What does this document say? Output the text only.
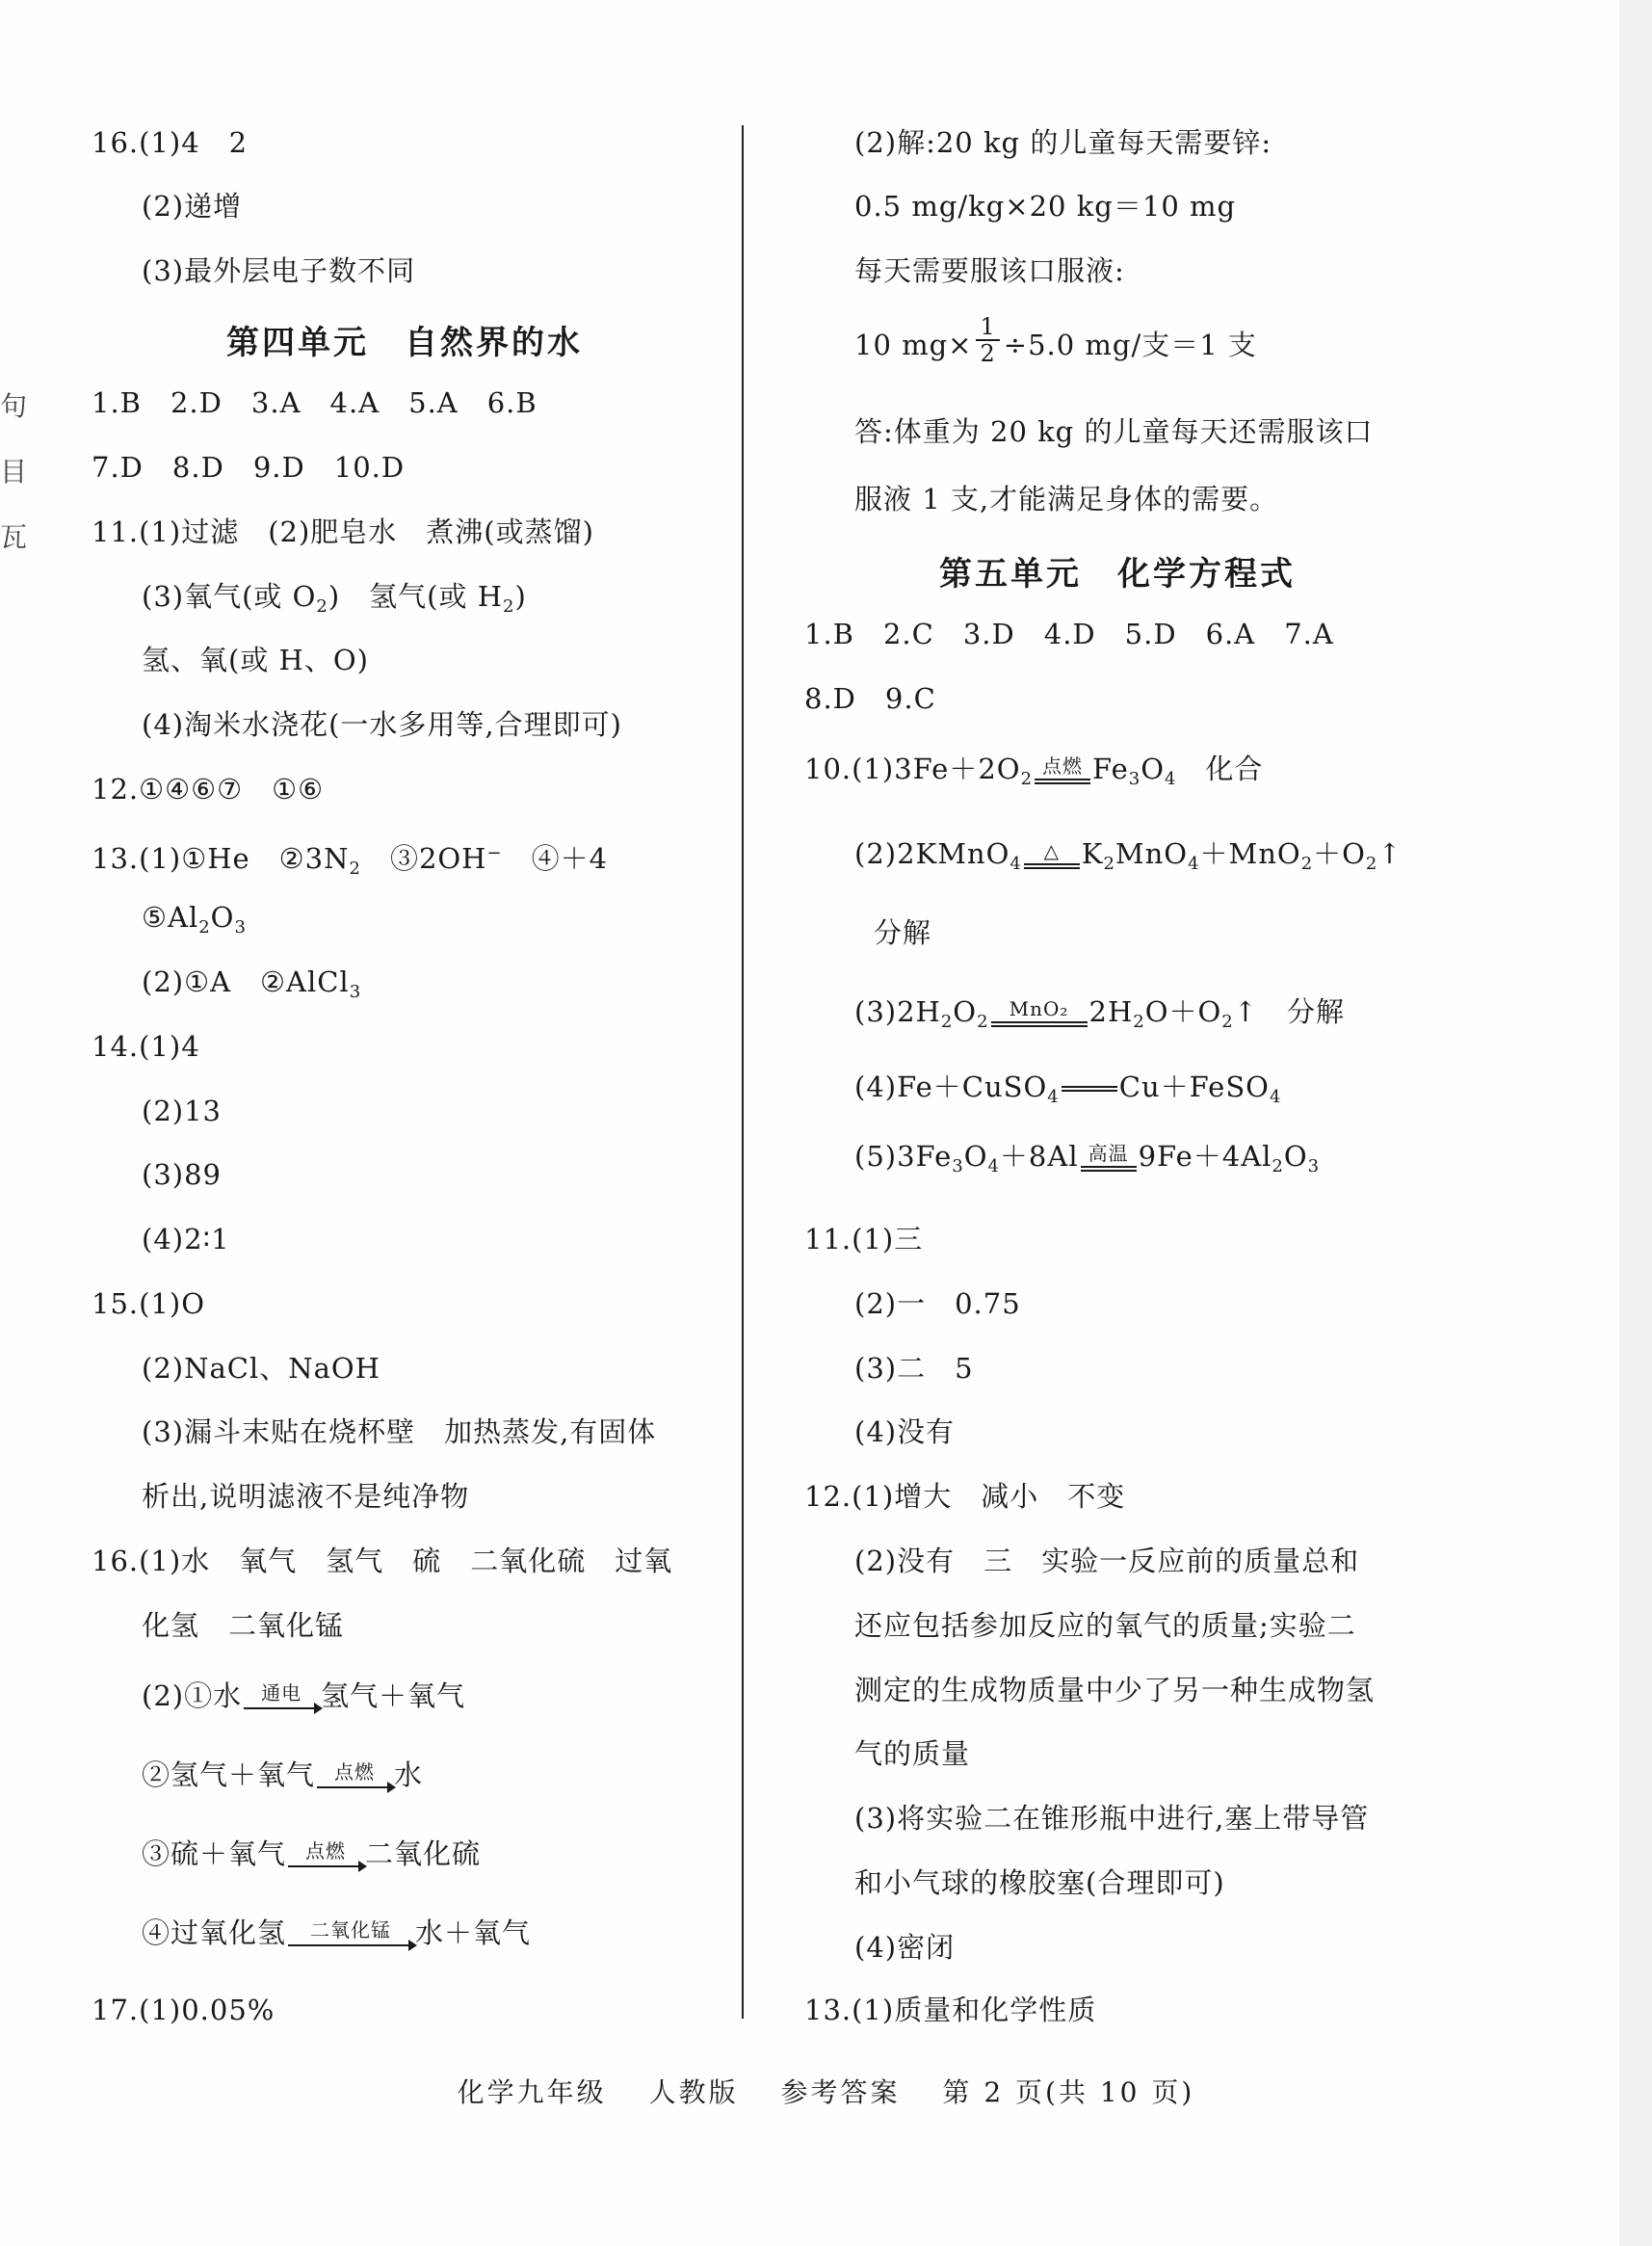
句
目
瓦
16.(1)4　2
(2)递增
(3)最外层电子数不同
第四单元　自然界的水
1.B　2.D　3.A　4.A　5.A　6.B
7.D　8.D　9.D　10.D
11.(1)过滤　(2)肥皂水　煮沸(或蒸馏)
(3)氧气(或 $O_2$)　氢气(或 $H_2$)
氢、氧(或 H、O)
(4)淘米水浇花(一水多用等,合理即可)
12.①④⑥⑦　①⑥
13.(1)①He　$②3N_2$　③2OH−　④＋4
$⑤Al_2O_3$
(2)①A　②AlCl$_3$
14.(1)4
(2)13
(3)89
(4)2∶1
15.(1)O
(2)NaCl、NaOH
(3)漏斗末贴在烧杯壁　加热蒸发,有固体
析出,说明滤液不是纯净物
16.(1)水　氧气　氢气　硫　二氧化硫　过氧
化氢　二氧化锰
(2)①水	通电 氢气＋氧气
②氢气＋氧气	点燃 水
③硫＋氧气	点燃 二氧化硫
④过氧化氢	二氧化锰 水＋氧气
17.(1)0.05%
(2)解:20 kg 的儿童每天需要锌:
0.5 mg/kg×20 kg＝10 mg
每天需要服该口服液:
10 $mg\times \frac{1}{2} \div 5.0$ mg/支＝1 支
答:体重为 20 kg 的儿童每天还需服该口
服液 1 支,才能满足身体的需要。
第五单元　化学方程式
1.B　2.C　3.D　4.D　5.D　6.A　7.A
8.D　9.C
$10.(1)3Fe+2O_2$
点燃 $Fe_3O_4$　化合
(2)2KMnO$_4$
△ $K_2MnO_4+MnO_2+O_2↑$
分解
$(3)2H_2O_2$
MnO₂ $2H_2O+O_2↑$　分解
(4)Fe＋CuSO$_4$ Cu＋FeSO$_4$
$(5)3Fe_3O_4+8Al$ 高温 $9Fe+4Al_2O_3$
11.(1)三
(2)一　0.75
(3)二　5
(4)没有
12.(1)增大　减小　不变
(2)没有　三　实验一反应前的质量总和
还应包括参加反应的氧气的质量;实验二
测定的生成物质量中少了另一种生成物氢
气的质量
(3)将实验二在锥形瓶中进行,塞上带导管
和小气球的橡胶塞(合理即可)
(4)密闭
13.(1)质量和化学性质
化学九年级 人教版 参考答案 第 2 页(共 10 页)
